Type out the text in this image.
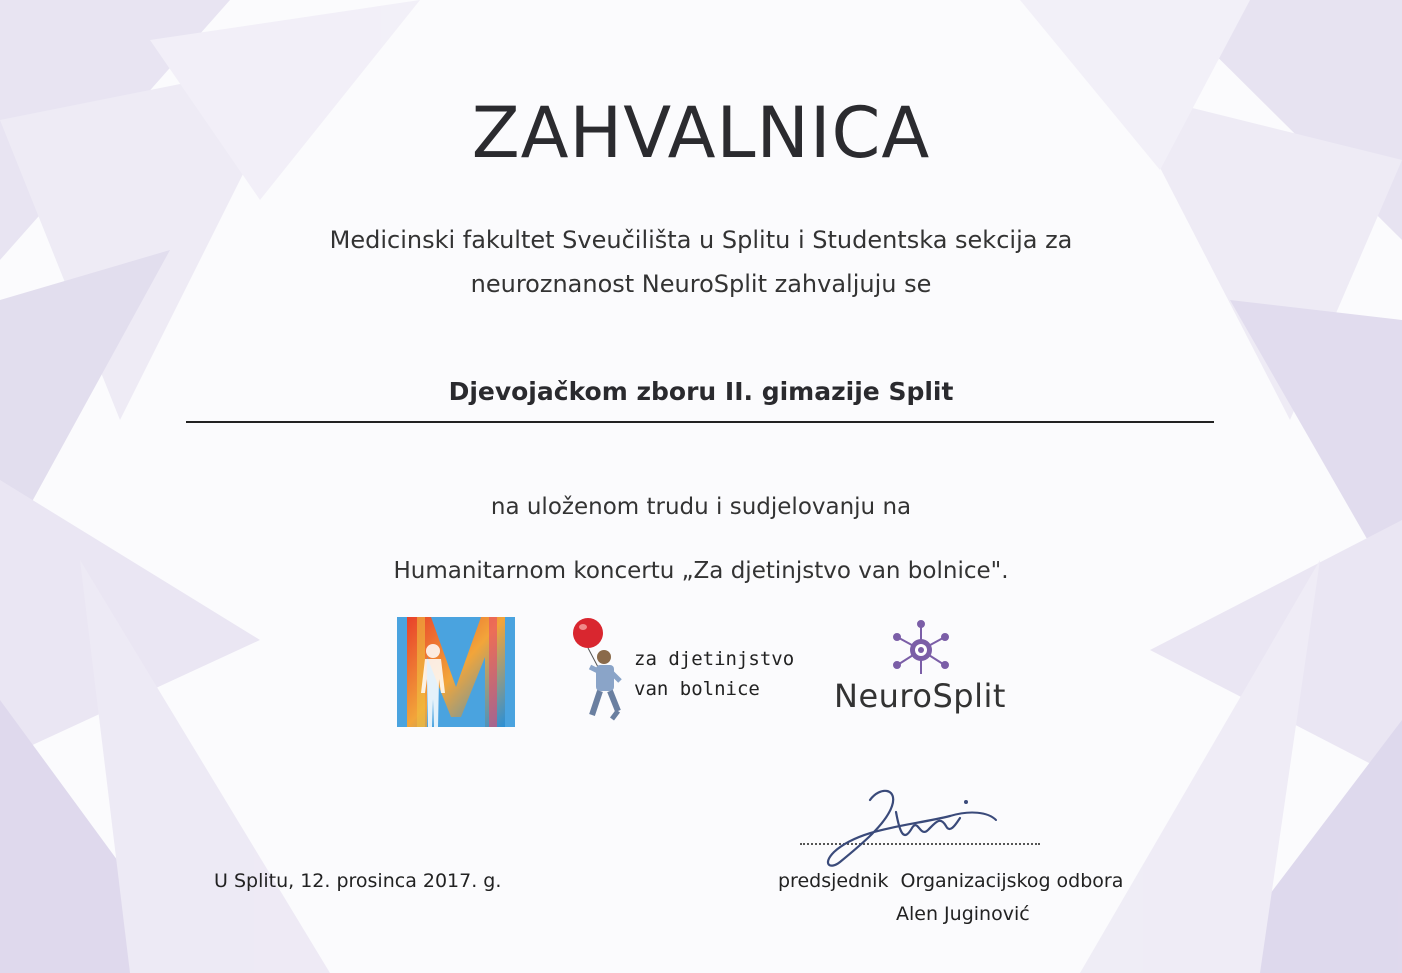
ZAHVALNICA
Medicinski fakultet Sveučilišta u Splitu i Studentska sekcija za
neuroznanost NeuroSplit zahvaljuju se
Djevojačkom zboru II. gimazije Split
na uloženom trudu i sudjelovanju na
Humanitarnom koncertu „Za djetinjstvo van bolnice".
za djetinjstvo
van bolnice	NeuroSplit
U Splitu, 12. prosinca 2017. g.	predsjednik  Organizacijskog odbora
Alen Juginović
